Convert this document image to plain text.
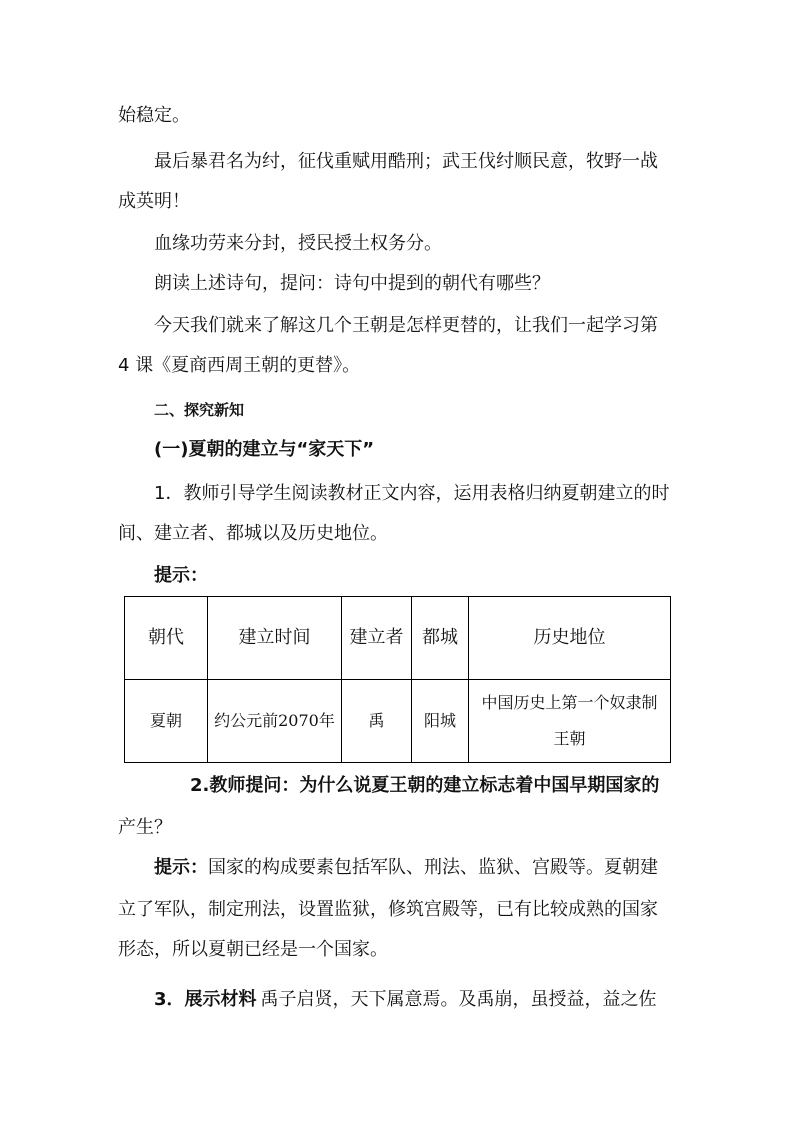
始稳定。
最后暴君名为纣，征伐重赋用酷刑；武王伐纣顺民意，牧野一战
成英明！
血缘功劳来分封，授民授土权务分。
朗读上述诗句，提问：诗句中提到的朝代有哪些？
今天我们就来了解这几个王朝是怎样更替的，让我们一起学习第
4 课《夏商西周王朝的更替》。
二、探究新知
(一)夏朝的建立与“家天下”
1．教师引导学生阅读教材正文内容，运用表格归纳夏朝建立的时
间、建立者、都城以及历史地位。
提示：
朝代	建立时间	建立者	都城	历史地位
夏朝	约公元前2070年	禹	阳城	中国历史上第一个奴隶制王朝
2.教师提问：为什么说夏王朝的建立标志着中国早期国家的
产生？
提示：国家的构成要素包括军队、刑法、监狱、宫殿等。夏朝建
立了军队，制定刑法，设置监狱，修筑宫殿等，已有比较成熟的国家
形态，所以夏朝已经是一个国家。
3．展示材料 禹子启贤，天下属意焉。及禹崩，虽授益，益之佐
